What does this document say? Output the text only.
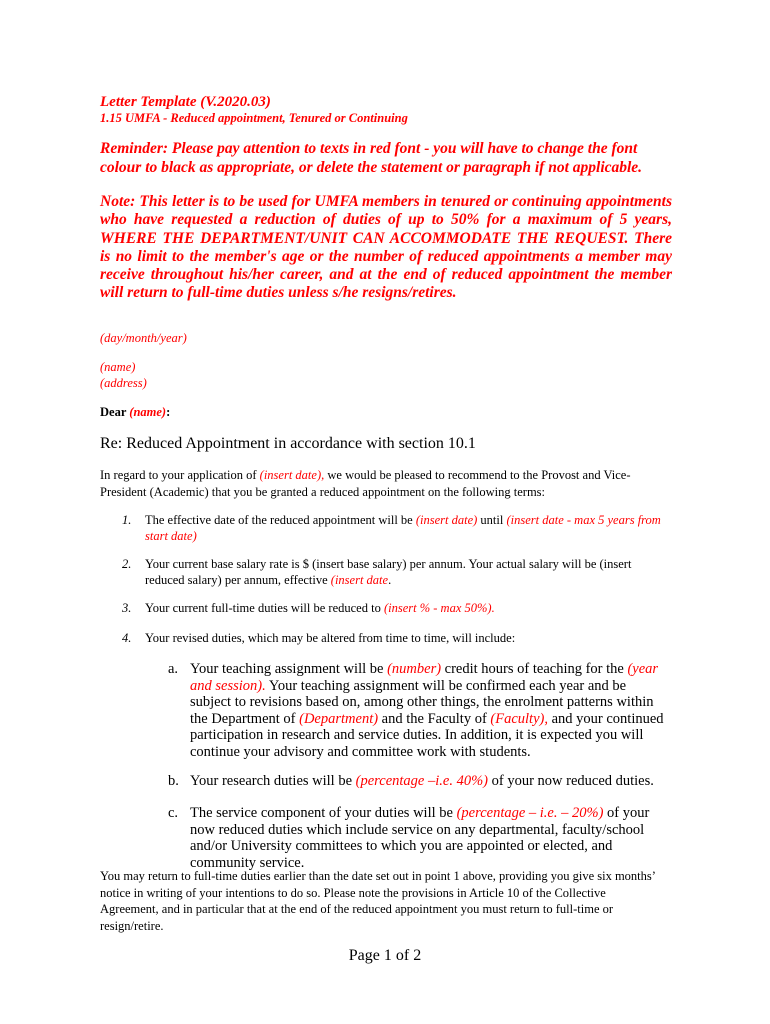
Letter Template (V.2020.03)
1.15 UMFA - Reduced appointment, Tenured or Continuing
Reminder: Please pay attention to texts in red font - you will have to change the font colour to black as appropriate, or delete the statement or paragraph if not applicable.
Note: This letter is to be used for UMFA members in tenured or continuing appointments who have requested a reduction of duties of up to 50% for a maximum of 5 years, WHERE THE DEPARTMENT/UNIT CAN ACCOMMODATE THE REQUEST. There is no limit to the member's age or the number of reduced appointments a member may receive throughout his/her career, and at the end of reduced appointment the member will return to full-time duties unless s/he resigns/retires.
(day/month/year)
(name)
(address)
Dear (name):
Re: Reduced Appointment in accordance with section 10.1
In regard to your application of (insert date), we would be pleased to recommend to the Provost and Vice-President (Academic) that you be granted a reduced appointment on the following terms:
1. The effective date of the reduced appointment will be (insert date) until (insert date - max 5 years from start date)
2. Your current base salary rate is $ (insert base salary) per annum. Your actual salary will be (insert reduced salary) per annum, effective (insert date.
3. Your current full-time duties will be reduced to (insert % - max 50%).
4. Your revised duties, which may be altered from time to time, will include:
a. Your teaching assignment will be (number) credit hours of teaching for the (year and session). Your teaching assignment will be confirmed each year and be subject to revisions based on, among other things, the enrolment patterns within the Department of (Department) and the Faculty of (Faculty), and your continued participation in research and service duties. In addition, it is expected you will continue your advisory and committee work with students.
b. Your research duties will be (percentage –i.e. 40%) of your now reduced duties.
c. The service component of your duties will be (percentage – i.e. – 20%) of your now reduced duties which include service on any departmental, faculty/school and/or University committees to which you are appointed or elected, and community service.
You may return to full-time duties earlier than the date set out in point 1 above, providing you give six months’ notice in writing of your intentions to do so. Please note the provisions in Article 10 of the Collective Agreement, and in particular that at the end of the reduced appointment you must return to full-time or resign/retire.
Page 1 of 2
